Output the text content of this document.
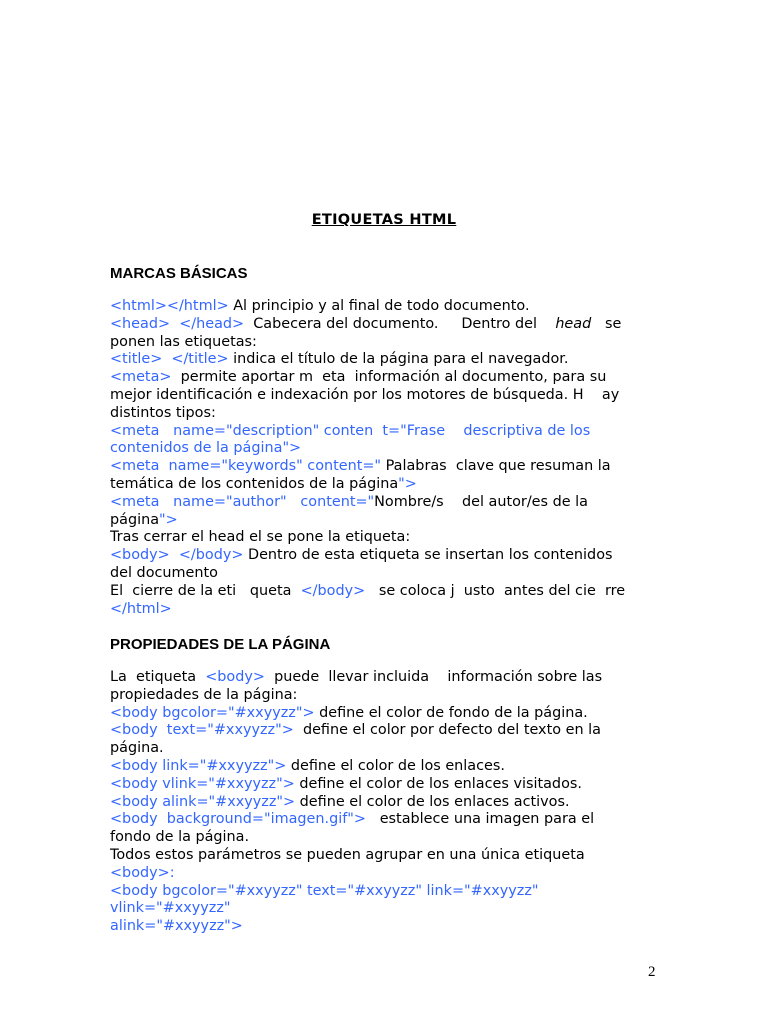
ETIQUETAS HTML
MARCAS BÁSICAS
<html></html> Al principio y al final de todo documento.
<head>  </head>  Cabecera del documento.     Dentro del    head   se
ponen las etiquetas:
<title>  </title> indica el título de la página para el navegador.
<meta>  permite aportar m  eta  información al documento, para su
mejor identificación e indexación por los motores de búsqueda. H    ay
distintos tipos:
<meta   name="description" conten  t="Frase    descriptiva de los
contenidos de la página">
<meta  name="keywords" content=" Palabras  clave que resuman la
temática de los contenidos de la página">
<meta   name="author"   content="Nombre/s    del autor/es de la
página">
Tras cerrar el head el se pone la etiqueta:
<body>  </body> Dentro de esta etiqueta se insertan los contenidos
del documento
El  cierre de la eti   queta  </body>   se coloca j  usto  antes del cie  rre
</html>
PROPIEDADES DE LA PÁGINA
La  etiqueta  <body>  puede  llevar incluida    información sobre las
propiedades de la página:
<body bgcolor="#xxyyzz"> define el color de fondo de la página.
<body  text="#xxyyzz">  define el color por defecto del texto en la
página.
<body link="#xxyyzz"> define el color de los enlaces.
<body vlink="#xxyyzz"> define el color de los enlaces visitados.
<body alink="#xxyyzz"> define el color de los enlaces activos.
<body  background="imagen.gif">   establece una imagen para el
fondo de la página.
Todos estos parámetros se pueden agrupar en una única etiqueta
<body>:
<body bgcolor="#xxyyzz" text="#xxyyzz" link="#xxyyzz"
vlink="#xxyyzz"
alink="#xxyyzz">
2
